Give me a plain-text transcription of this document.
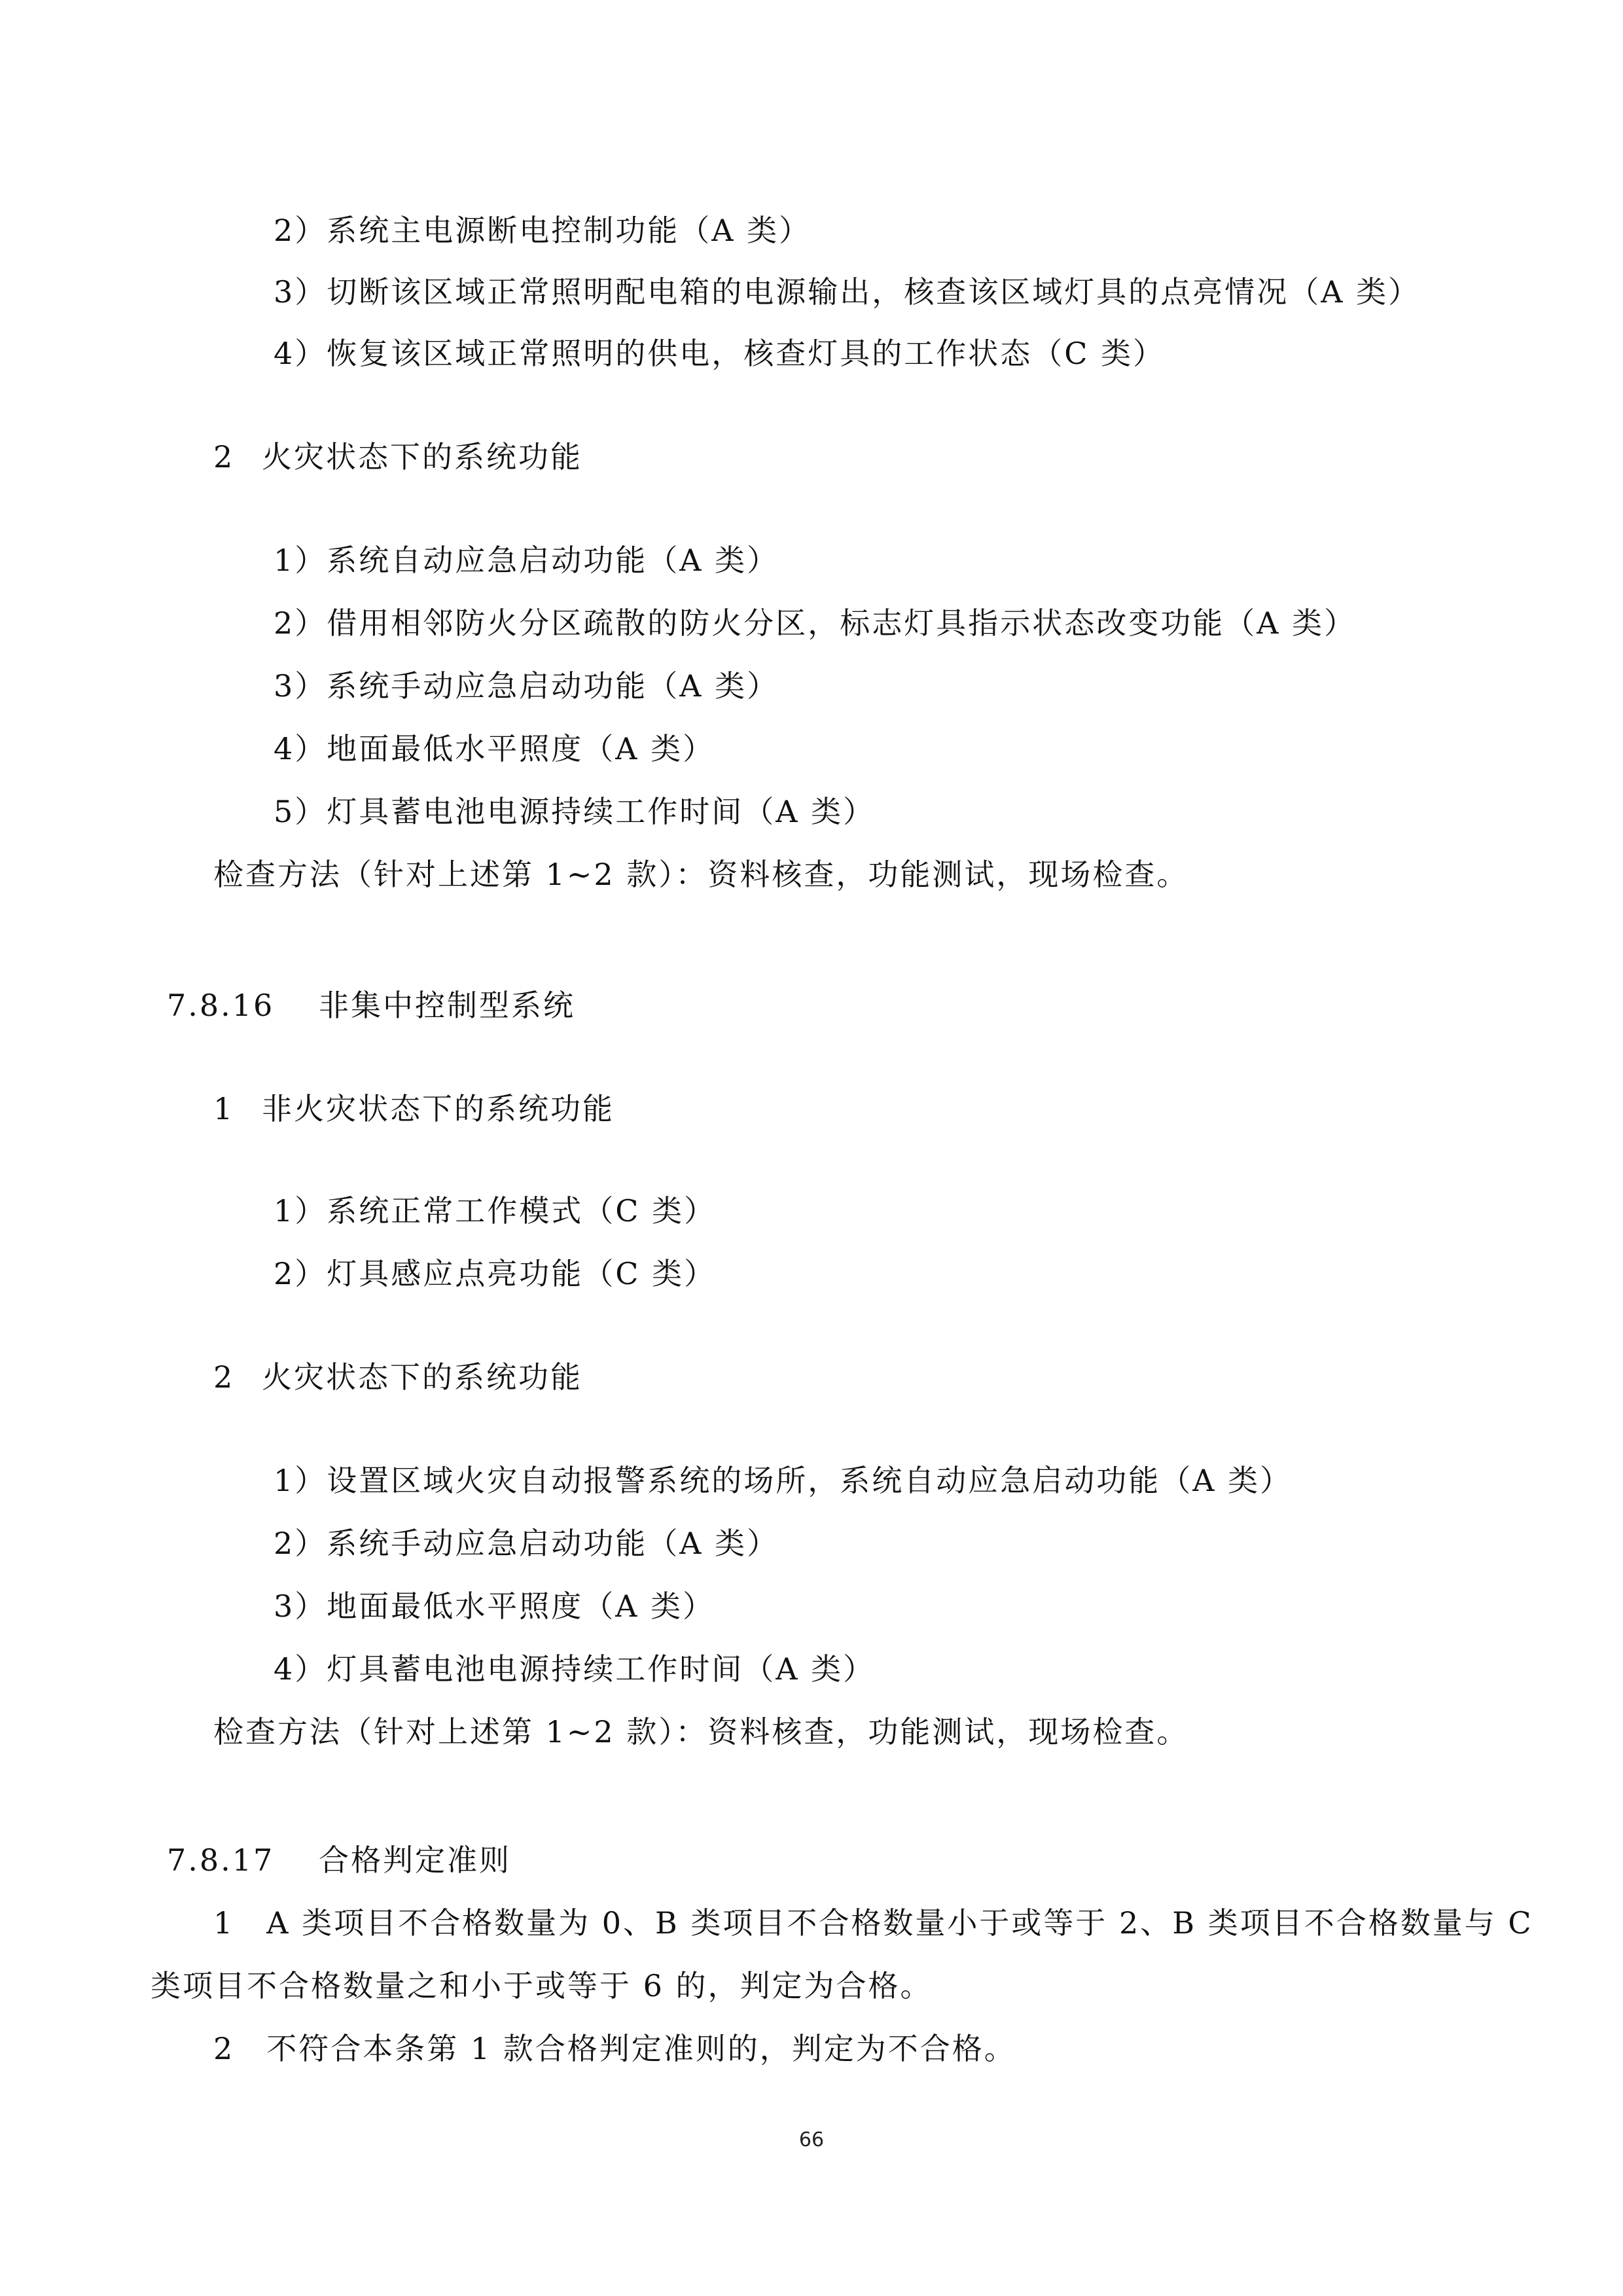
2）系统主电源断电控制功能（A 类）
3）切断该区域正常照明配电箱的电源输出，核查该区域灯具的点亮情况（A 类）
4）恢复该区域正常照明的供电，核查灯具的工作状态（C 类）
2 火灾状态下的系统功能
1）系统自动应急启动功能（A 类）
2）借用相邻防火分区疏散的防火分区，标志灯具指示状态改变功能（A 类）
3）系统手动应急启动功能（A 类）
4）地面最低水平照度（A 类）
5）灯具蓄电池电源持续工作时间（A 类）
检查方法（针对上述第 1~2 款）：资料核查，功能测试，现场检查。
7.8.16 非集中控制型系统
1 非火灾状态下的系统功能
1）系统正常工作模式（C 类）
2）灯具感应点亮功能（C 类）
2 火灾状态下的系统功能
1）设置区域火灾自动报警系统的场所，系统自动应急启动功能（A 类）
2）系统手动应急启动功能（A 类）
3）地面最低水平照度（A 类）
4）灯具蓄电池电源持续工作时间（A 类）
检查方法（针对上述第 1~2 款）：资料核查，功能测试，现场检查。
7.8.17 合格判定准则
1　A 类项目不合格数量为 0、B 类项目不合格数量小于或等于 2、B 类项目不合格数量与 C
类项目不合格数量之和小于或等于 6 的，判定为合格。
2　不符合本条第 1 款合格判定准则的，判定为不合格。
66
